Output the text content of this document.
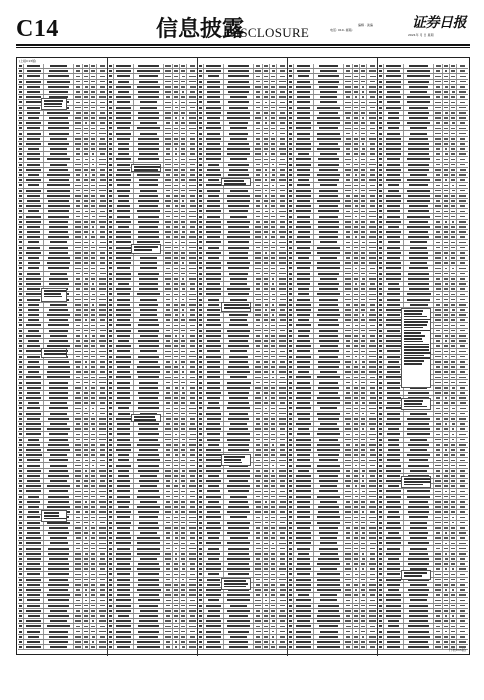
C14	信息披露
DISCLOSURE	编辑 · 美编
电话: 010- 邮箱:	证券日报
2021年 月 日 星期
(上接C13版)
(下转C15版)
